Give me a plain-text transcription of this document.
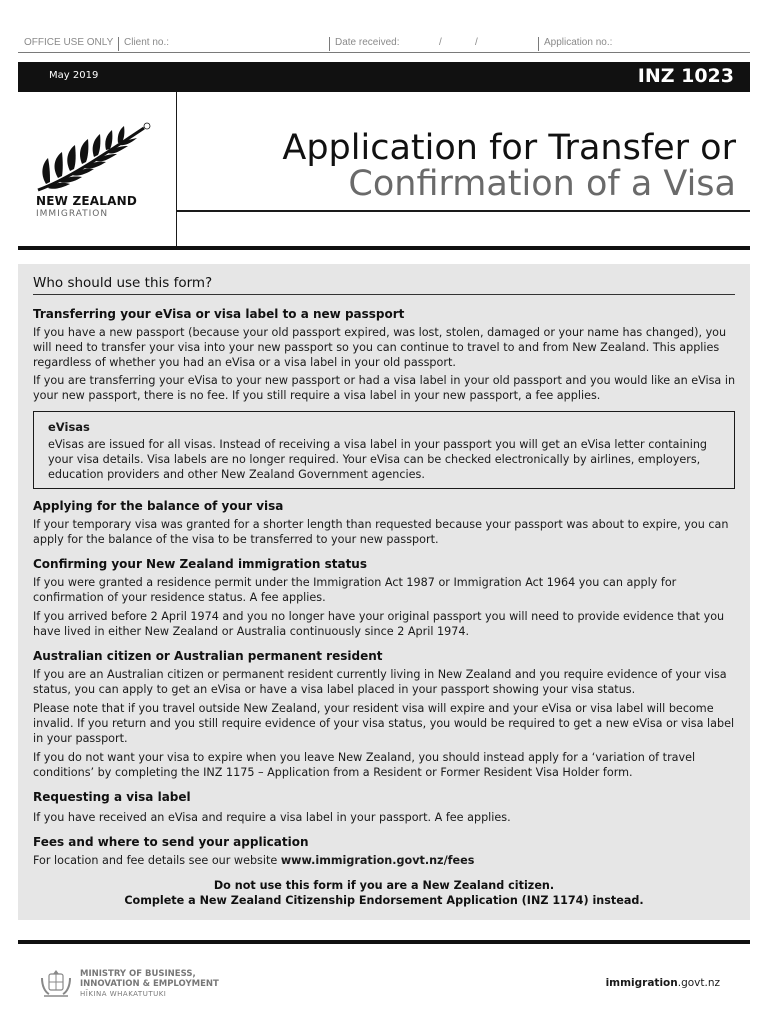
OFFICE USE ONLY Client no.:	Date received:	/	/	Application no.:
May 2019	INZ 1023
NEW ZEALAND
IMMIGRATION
Application for Transfer or
Confirmation of a Visa
Who should use this form?
Transferring your eVisa or visa label to a new passport

If you have a new passport (because your old passport expired, was lost, stolen, damaged or your name has changed), you will need to transfer your visa into your new passport so you can continue to travel to and from New Zealand. This applies regardless of whether you had an eVisa or a visa label in your old passport.

If you are transferring your eVisa to your new passport or had a visa label in your old passport and you would like an eVisa in your new passport, there is no fee. If you still require a visa label in your new passport, a fee applies.

eVisas

eVisas are issued for all visas. Instead of receiving a visa label in your passport you will get an eVisa letter containing your visa details. Visa labels are no longer required. Your eVisa can be checked electronically by airlines, employers, education providers and other New Zealand Government agencies.

Applying for the balance of your visa

If your temporary visa was granted for a shorter length than requested because your passport was about to expire, you can apply for the balance of the visa to be transferred to your new passport.

Confirming your New Zealand immigration status

If you were granted a residence permit under the Immigration Act 1987 or Immigration Act 1964 you can apply for confirmation of your residence status. A fee applies.

If you arrived before 2 April 1974 and you no longer have your original passport you will need to provide evidence that you have lived in either New Zealand or Australia continuously since 2 April 1974.

Australian citizen or Australian permanent resident

If you are an Australian citizen or permanent resident currently living in New Zealand and you require evidence of your visa status, you can apply to get an eVisa or have a visa label placed in your passport showing your visa status.

Please note that if you travel outside New Zealand, your resident visa will expire and your eVisa or visa label will become invalid. If you return and you still require evidence of your visa status, you would be required to get a new eVisa or visa label in your passport.

If you do not want your visa to expire when you leave New Zealand, you should instead apply for a ‘variation of travel conditions’ by completing the INZ 1175 – Application from a Resident or Former Resident Visa Holder form.

Requesting a visa label

If you have received an eVisa and require a visa label in your passport. A fee applies.

Fees and where to send your application

For location and fee details see our website www.immigration.govt.nz/fees

Do not use this form if you are a New Zealand citizen.
Complete a New Zealand Citizenship Endorsement Application (INZ 1174) instead.
MINISTRY OF BUSINESS,
INNOVATION & EMPLOYMENT
HĪKINA WHAKATUTUKI
immigration.govt.nz
